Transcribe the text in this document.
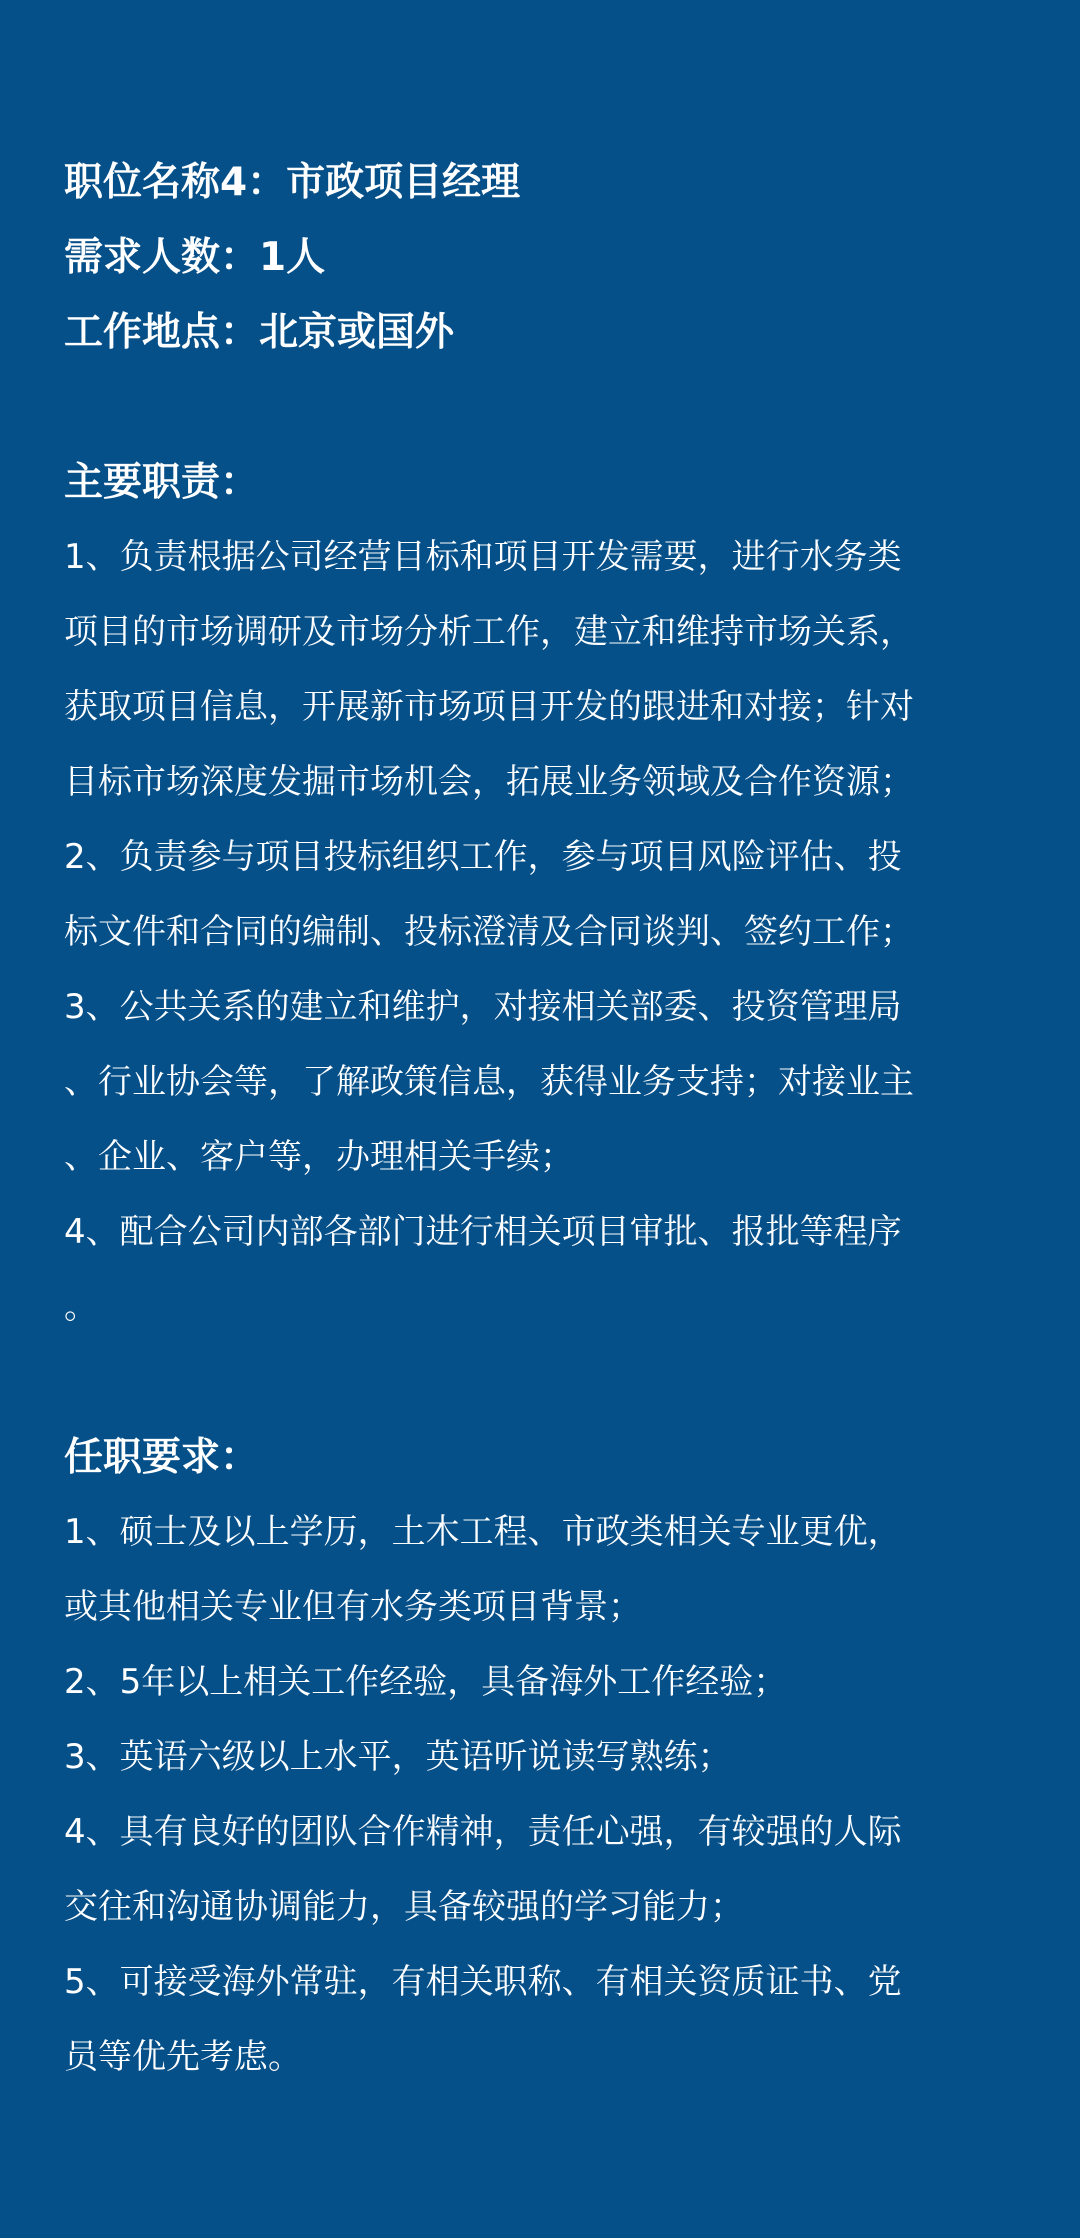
职位名称4：市政项目经理

需求人数：1人

工作地点：北京或国外

主要职责：

1、负责根据公司经营目标和项目开发需要，进行水务类

项目的市场调研及市场分析工作，建立和维持市场关系，

获取项目信息，开展新市场项目开发的跟进和对接；针对

目标市场深度发掘市场机会，拓展业务领域及合作资源；

2、负责参与项目投标组织工作，参与项目风险评估、投

标文件和合同的编制、投标澄清及合同谈判、签约工作；

3、公共关系的建立和维护，对接相关部委、投资管理局

、行业协会等，了解政策信息，获得业务支持；对接业主

、企业、客户等，办理相关手续；

4、配合公司内部各部门进行相关项目审批、报批等程序

。

任职要求：

1、硕士及以上学历，土木工程、市政类相关专业更优，

或其他相关专业但有水务类项目背景；

2、5年以上相关工作经验，具备海外工作经验；

3、英语六级以上水平，英语听说读写熟练；

4、具有良好的团队合作精神，责任心强，有较强的人际

交往和沟通协调能力，具备较强的学习能力；

5、可接受海外常驻，有相关职称、有相关资质证书、党

员等优先考虑。
